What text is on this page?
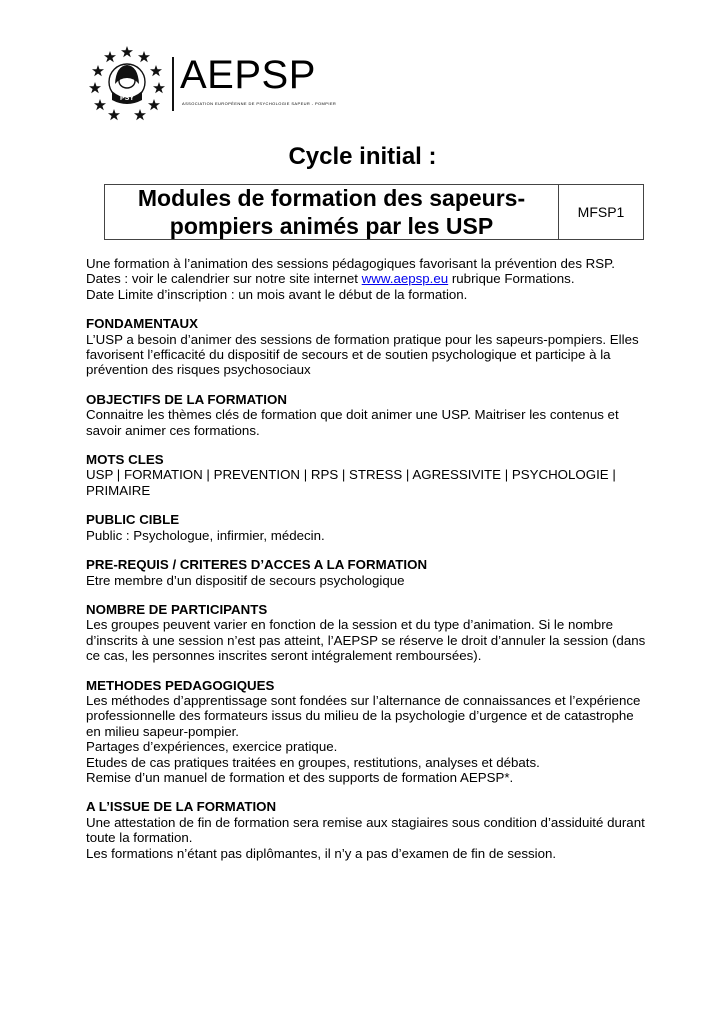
PSY
AEPSP
ASSOCIATION EUROPÉENNE DE PSYCHOLOGIE SAPEUR - POMPIER
Cycle initial :
Modules de formation des sapeurs-pompiers animés par les USP
MFSP1

Une formation à l’animation des sessions pédagogiques favorisant la prévention des RSP.

Dates : voir le calendrier sur notre site internet www.aepsp.eu rubrique Formations.

Date Limite d’inscription : un mois avant le début de la formation.

FONDAMENTAUX

L’USP a besoin d’animer des sessions de formation pratique pour les sapeurs-pompiers. Elles favorisent l’efficacité du dispositif de secours et de soutien psychologique et participe à la prévention des risques psychosociaux

OBJECTIFS DE LA FORMATION

Connaitre les thèmes clés de formation que doit animer une USP. Maitriser les contenus et savoir animer ces formations.

MOTS CLES

USP | FORMATION | PREVENTION | RPS | STRESS | AGRESSIVITE | PSYCHOLOGIE | PRIMAIRE

PUBLIC CIBLE

Public : Psychologue, infirmier, médecin.

PRE-REQUIS / CRITERES D’ACCES A LA FORMATION

Etre membre d’un dispositif de secours psychologique

NOMBRE DE PARTICIPANTS

Les groupes peuvent varier en fonction de la session et du type d’animation. Si le nombre d’inscrits à une session n’est pas atteint, l’AEPSP se réserve le droit d’annuler la session (dans ce cas, les personnes inscrites seront intégralement remboursées).

METHODES PEDAGOGIQUES

Les méthodes d’apprentissage sont fondées sur l’alternance de connaissances et l’expérience professionnelle des formateurs issus du milieu de la psychologie d’urgence et de catastrophe en milieu sapeur-pompier.

Partages d’expériences, exercice pratique.

Etudes de cas pratiques traitées en groupes, restitutions, analyses et débats.

Remise d’un manuel de formation et des supports de formation AEPSP*.

A L’ISSUE DE LA FORMATION

Une attestation de fin de formation sera remise aux stagiaires sous condition d’assiduité durant toute la formation.

Les formations n’étant pas diplômantes, il n’y a pas d’examen de fin de session.
